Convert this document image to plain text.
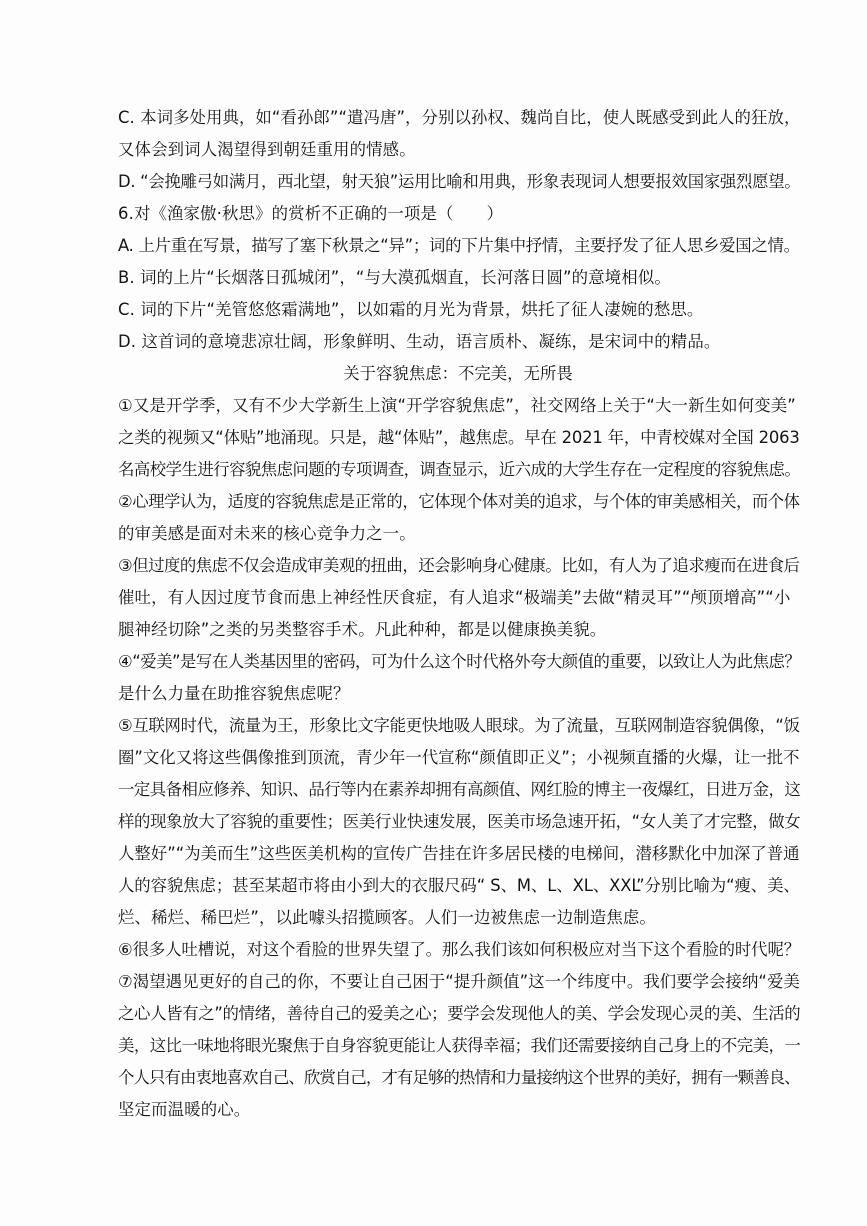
C. 本词多处用典，如“看孙郎”“遣冯唐”，分别以孙权、魏尚自比，使人既感受到此人的狂放，

又体会到词人渴望得到朝廷重用的情感。

D. “会挽雕弓如满月，西北望，射天狼”运用比喻和用典，形象表现词人想要报效国家强烈愿望。

6.对《渔家傲·秋思》的赏析不正确的一项是（　　）

A. 上片重在写景，描写了塞下秋景之“异”；词的下片集中抒情，主要抒发了征人思乡爱国之情。

B. 词的上片“长烟落日孤城闭”，“与大漠孤烟直，长河落日圆”的意境相似。

C. 词的下片“羌管悠悠霜满地”，以如霜的月光为背景，烘托了征人凄婉的愁思。

D. 这首词的意境悲凉壮阔，形象鲜明、生动，语言质朴、凝练，是宋词中的精品。

关于容貌焦虑：不完美，无所畏

①又是开学季，又有不少大学新生上演“开学容貌焦虑”，社交网络上关于“大一新生如何变美”

之类的视频又“体贴”地涌现。只是，越“体贴”，越焦虑。早在 2021 年，中青校媒对全国 2063

名高校学生进行容貌焦虑问题的专项调查，调查显示，近六成的大学生存在一定程度的容貌焦虑。

②心理学认为，适度的容貌焦虑是正常的，它体现个体对美的追求，与个体的审美感相关，而个体

的审美感是面对未来的核心竞争力之一。

③但过度的焦虑不仅会造成审美观的扭曲，还会影响身心健康。比如，有人为了追求瘦而在进食后

催吐，有人因过度节食而患上神经性厌食症，有人追求“极端美”去做“精灵耳”“颅顶增高”“小

腿神经切除”之类的另类整容手术。凡此种种，都是以健康换美貌。

④“爱美”是写在人类基因里的密码，可为什么这个时代格外夸大颜值的重要，以致让人为此焦虑？

是什么力量在助推容貌焦虑呢？

⑤互联网时代，流量为王，形象比文字能更快地吸人眼球。为了流量，互联网制造容貌偶像，“饭

圈”文化又将这些偶像推到顶流，青少年一代宣称“颜值即正义”；小视频直播的火爆，让一批不

一定具备相应修养、知识、品行等内在素养却拥有高颜值、网红脸的博主一夜爆红，日进万金，这

样的现象放大了容貌的重要性；医美行业快速发展，医美市场急速开拓，“女人美了才完整，做女

人整好”“为美而生”这些医美机构的宣传广告挂在许多居民楼的电梯间，潜移默化中加深了普通

人的容貌焦虑；甚至某超市将由小到大的衣服尺码“ S、M、L、XL、XXL”分别比喻为“瘦、美、

烂、稀烂、稀巴烂”，以此噱头招揽顾客。人们一边被焦虑一边制造焦虑。

⑥很多人吐槽说，对这个看脸的世界失望了。那么我们该如何积极应对当下这个看脸的时代呢？

⑦渴望遇见更好的自己的你，不要让自己困于“提升颜值”这一个纬度中。我们要学会接纳“爱美

之心人皆有之”的情绪，善待自己的爱美之心；要学会发现他人的美、学会发现心灵的美、生活的

美，这比一味地将眼光聚焦于自身容貌更能让人获得幸福；我们还需要接纳自己身上的不完美，一

个人只有由衷地喜欢自己、欣赏自己，才有足够的热情和力量接纳这个世界的美好，拥有一颗善良、

坚定而温暖的心。
